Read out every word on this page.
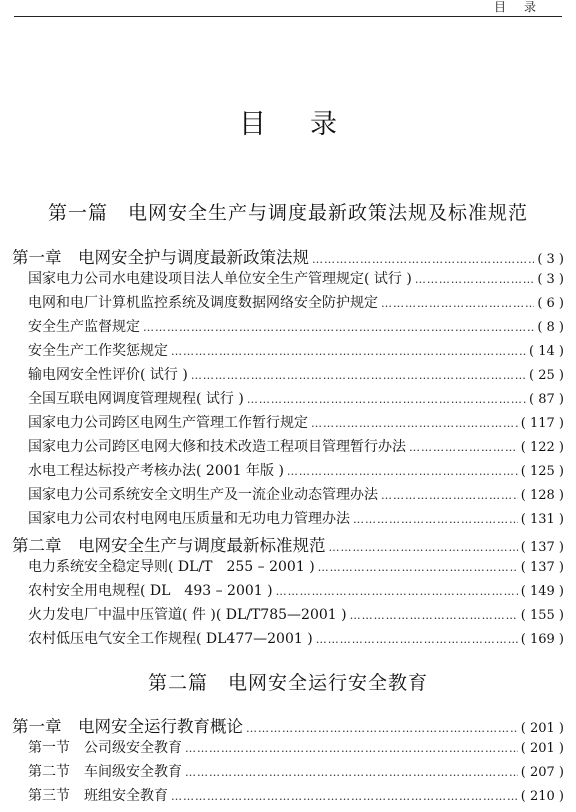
目录
目录
第一篇　电网安全生产与调度最新政策法规及标准规范
第一章　电网安全护与调度最新政策法规 ……………………………………………………………………………………………………………………………………………………	( 3 )
国家电力公司水电建设项目法人单位安全生产管理规定( 试行 ) ……………………………………………………………………………………………………………………………………………………	( 3 )
电网和电厂计算机监控系统及调度数据网络安全防护规定 ……………………………………………………………………………………………………………………………………………………	( 6 )
安全生产监督规定 ……………………………………………………………………………………………………………………………………………………	( 8 )
安全生产工作奖惩规定 ……………………………………………………………………………………………………………………………………………………	( 14 )
输电网安全性评价( 试行 ) ……………………………………………………………………………………………………………………………………………………	( 25 )
全国互联电网调度管理规程( 试行 ) ……………………………………………………………………………………………………………………………………………………	( 87 )
国家电力公司跨区电网生产管理工作暂行规定 ……………………………………………………………………………………………………………………………………………………	( 117 )
国家电力公司跨区电网大修和技术改造工程项目管理暂行办法 ……………………………………………………………………………………………………………………………………………………	( 122 )
水电工程达标投产考核办法( 2001 年版 ) ……………………………………………………………………………………………………………………………………………………	( 125 )
国家电力公司系统安全文明生产及一流企业动态管理办法 ……………………………………………………………………………………………………………………………………………………	( 128 )
国家电力公司农村电网电压质量和无功电力管理办法 ……………………………………………………………………………………………………………………………………………………	( 131 )
第二章　电网安全生产与调度最新标准规范 ……………………………………………………………………………………………………………………………………………………	( 137 )
电力系统安全稳定导则( DL/T　255 – 2001 ) ……………………………………………………………………………………………………………………………………………………	( 137 )
农村安全用电规程( DL　493 – 2001 ) ……………………………………………………………………………………………………………………………………………………	( 149 )
火力发电厂中温中压管道( 件 )( DL/T785—2001 ) ……………………………………………………………………………………………………………………………………………………	( 155 )
农村低压电气安全工作规程( DL477—2001 ) ……………………………………………………………………………………………………………………………………………………	( 169 )
第二篇　电网安全运行安全教育
第一章　电网安全运行教育概论 ……………………………………………………………………………………………………………………………………………………	( 201 )
第一节　公司级安全教育 ……………………………………………………………………………………………………………………………………………………	( 201 )
第二节　车间级安全教育 ……………………………………………………………………………………………………………………………………………………	( 207 )
第三节　班组安全教育 ……………………………………………………………………………………………………………………………………………………	( 210 )
